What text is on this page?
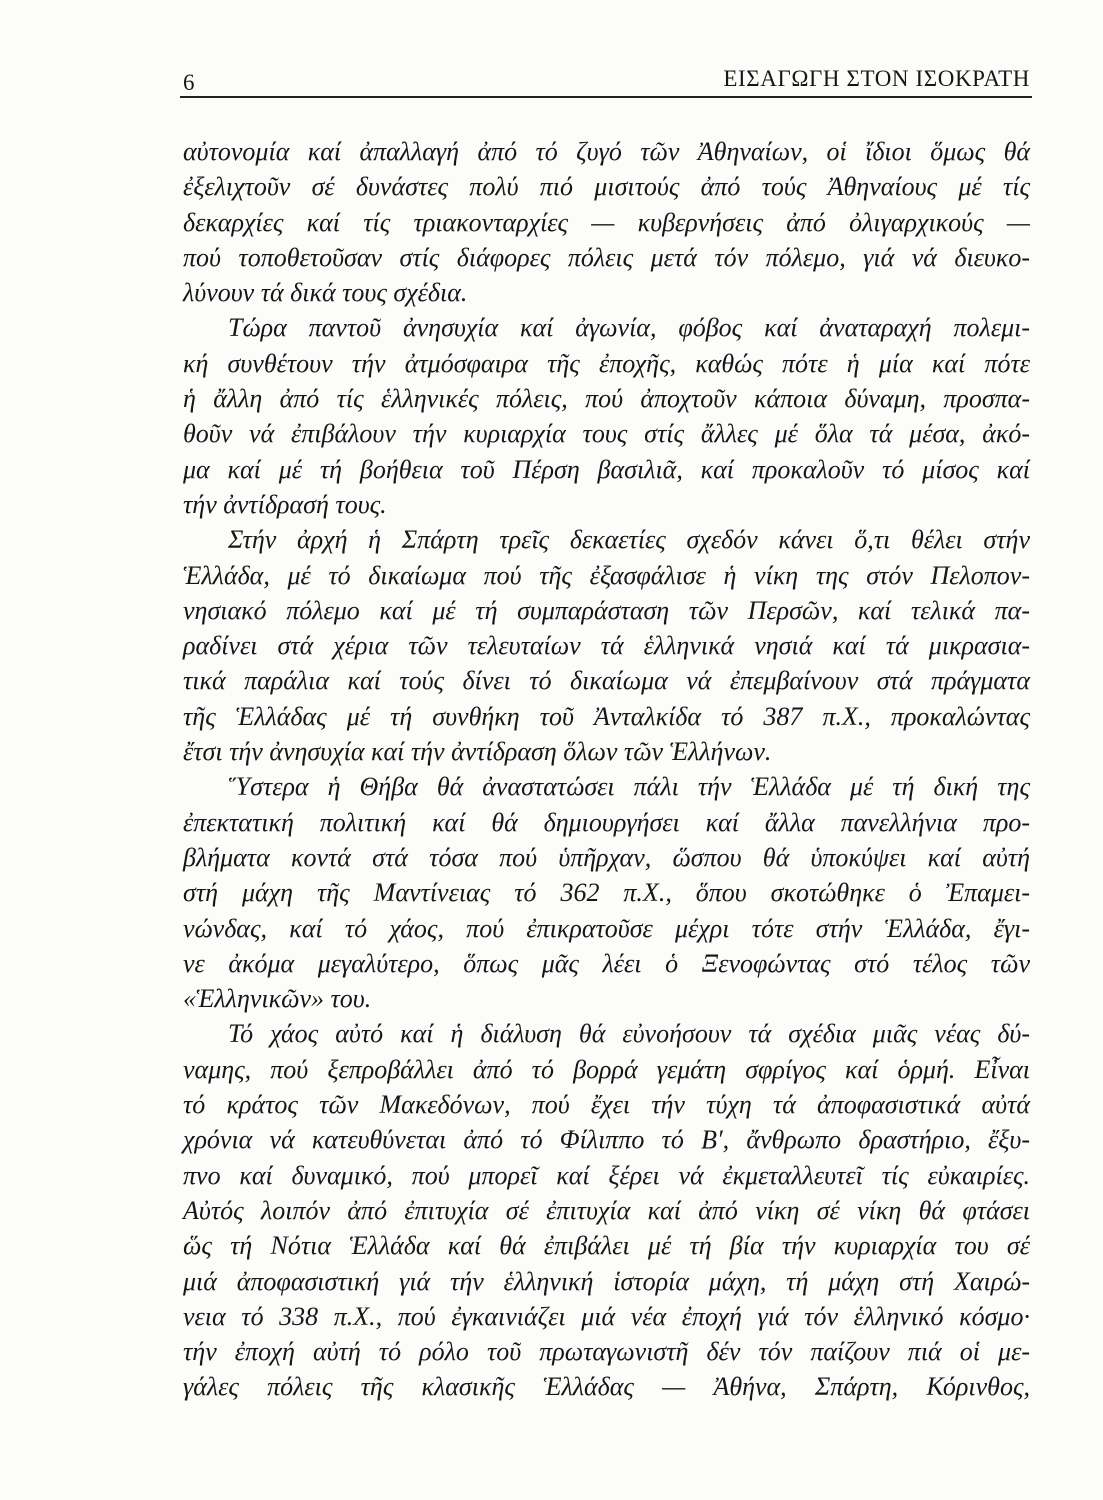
6	ΕΙΣΑΓΩΓΗ ΣΤΟΝ ΙΣΟΚΡΑΤΗ
αὐτονομία καί ἀπαλλαγή ἀπό τό ζυγό τῶν Ἀθηναίων, οἱ ἴδιοι ὅμως θά
ἐξελιχτοῦν σέ δυνάστες πολύ πιό μισιτούς ἀπό τούς Ἀθηναίους μέ τίς
δεκαρχίες καί τίς τριακονταρχίες — κυβερνήσεις ἀπό ὀλιγαρχικούς —
πού τοποθετοῦσαν στίς διάφορες πόλεις μετά τόν πόλεμο, γιά νά διευκο-
λύνουν τά δικά τους σχέδια.
Τώρα παντοῦ ἀνησυχία καί ἀγωνία, φόβος καί ἀναταραχή πολεμι-
κή συνθέτουν τήν ἀτμόσφαιρα τῆς ἐποχῆς, καθώς πότε ἡ μία καί πότε
ἡ ἄλλη ἀπό τίς ἑλληνικές πόλεις, πού ἀποχτοῦν κάποια δύναμη, προσπα-
θοῦν νά ἐπιβάλουν τήν κυριαρχία τους στίς ἄλλες μέ ὅλα τά μέσα, ἀκό-
μα καί μέ τή βοήθεια τοῦ Πέρση βασιλιᾶ, καί προκαλοῦν τό μίσος καί
τήν ἀντίδρασή τους.
Στήν ἀρχή ἡ Σπάρτη τρεῖς δεκαετίες σχεδόν κάνει ὅ,τι θέλει στήν
Ἑλλάδα, μέ τό δικαίωμα πού τῆς ἐξασφάλισε ἡ νίκη της στόν Πελοπον-
νησιακό πόλεμο καί μέ τή συμπαράσταση τῶν Περσῶν, καί τελικά πα-
ραδίνει στά χέρια τῶν τελευταίων τά ἑλληνικά νησιά καί τά μικρασια-
τικά παράλια καί τούς δίνει τό δικαίωμα νά ἐπεμβαίνουν στά πράγματα
τῆς Ἑλλάδας μέ τή συνθήκη τοῦ Ἀνταλκίδα τό 387 π.Χ., προκαλώντας
ἔτσι τήν ἀνησυχία καί τήν ἀντίδραση ὅλων τῶν Ἑλλήνων.
Ὕστερα ἡ Θήβα θά ἀναστατώσει πάλι τήν Ἑλλάδα μέ τή δική της
ἐπεκτατική πολιτική καί θά δημιουργήσει καί ἄλλα πανελλήνια προ-
βλήματα κοντά στά τόσα πού ὑπῆρχαν, ὥσπου θά ὑποκύψει καί αὐτή
στή μάχη τῆς Μαντίνειας τό 362 π.Χ., ὅπου σκοτώθηκε ὁ Ἐπαμει-
νώνδας, καί τό χάος, πού ἐπικρατοῦσε μέχρι τότε στήν Ἑλλάδα, ἔγι-
νε ἀκόμα μεγαλύτερο, ὅπως μᾶς λέει ὁ Ξενοφώντας στό τέλος τῶν
«Ἑλληνικῶν» του.
Τό χάος αὐτό καί ἡ διάλυση θά εὐνοήσουν τά σχέδια μιᾶς νέας δύ-
ναμης, πού ξεπροβάλλει ἀπό τό βορρά γεμάτη σφρίγος καί ὁρμή. Εἶναι
τό κράτος τῶν Μακεδόνων, πού ἔχει τήν τύχη τά ἀποφασιστικά αὐτά
χρόνια νά κατευθύνεται ἀπό τό Φίλιππο τό Β′, ἄνθρωπο δραστήριο, ἔξυ-
πνο καί δυναμικό, πού μπορεῖ καί ξέρει νά ἐκμεταλλευτεῖ τίς εὐκαιρίες.
Αὐτός λοιπόν ἀπό ἐπιτυχία σέ ἐπιτυχία καί ἀπό νίκη σέ νίκη θά φτάσει
ὥς τή Νότια Ἑλλάδα καί θά ἐπιβάλει μέ τή βία τήν κυριαρχία του σέ
μιά ἀποφασιστική γιά τήν ἑλληνική ἱστορία μάχη, τή μάχη στή Χαιρώ-
νεια τό 338 π.Χ., πού ἐγκαινιάζει μιά νέα ἐποχή γιά τόν ἑλληνικό κόσμο·
τήν ἐποχή αὐτή τό ρόλο τοῦ πρωταγωνιστῆ δέν τόν παίζουν πιά οἱ με-
γάλες πόλεις τῆς κλασικῆς Ἑλλάδας — Ἀθήνα, Σπάρτη, Κόρινθος,
